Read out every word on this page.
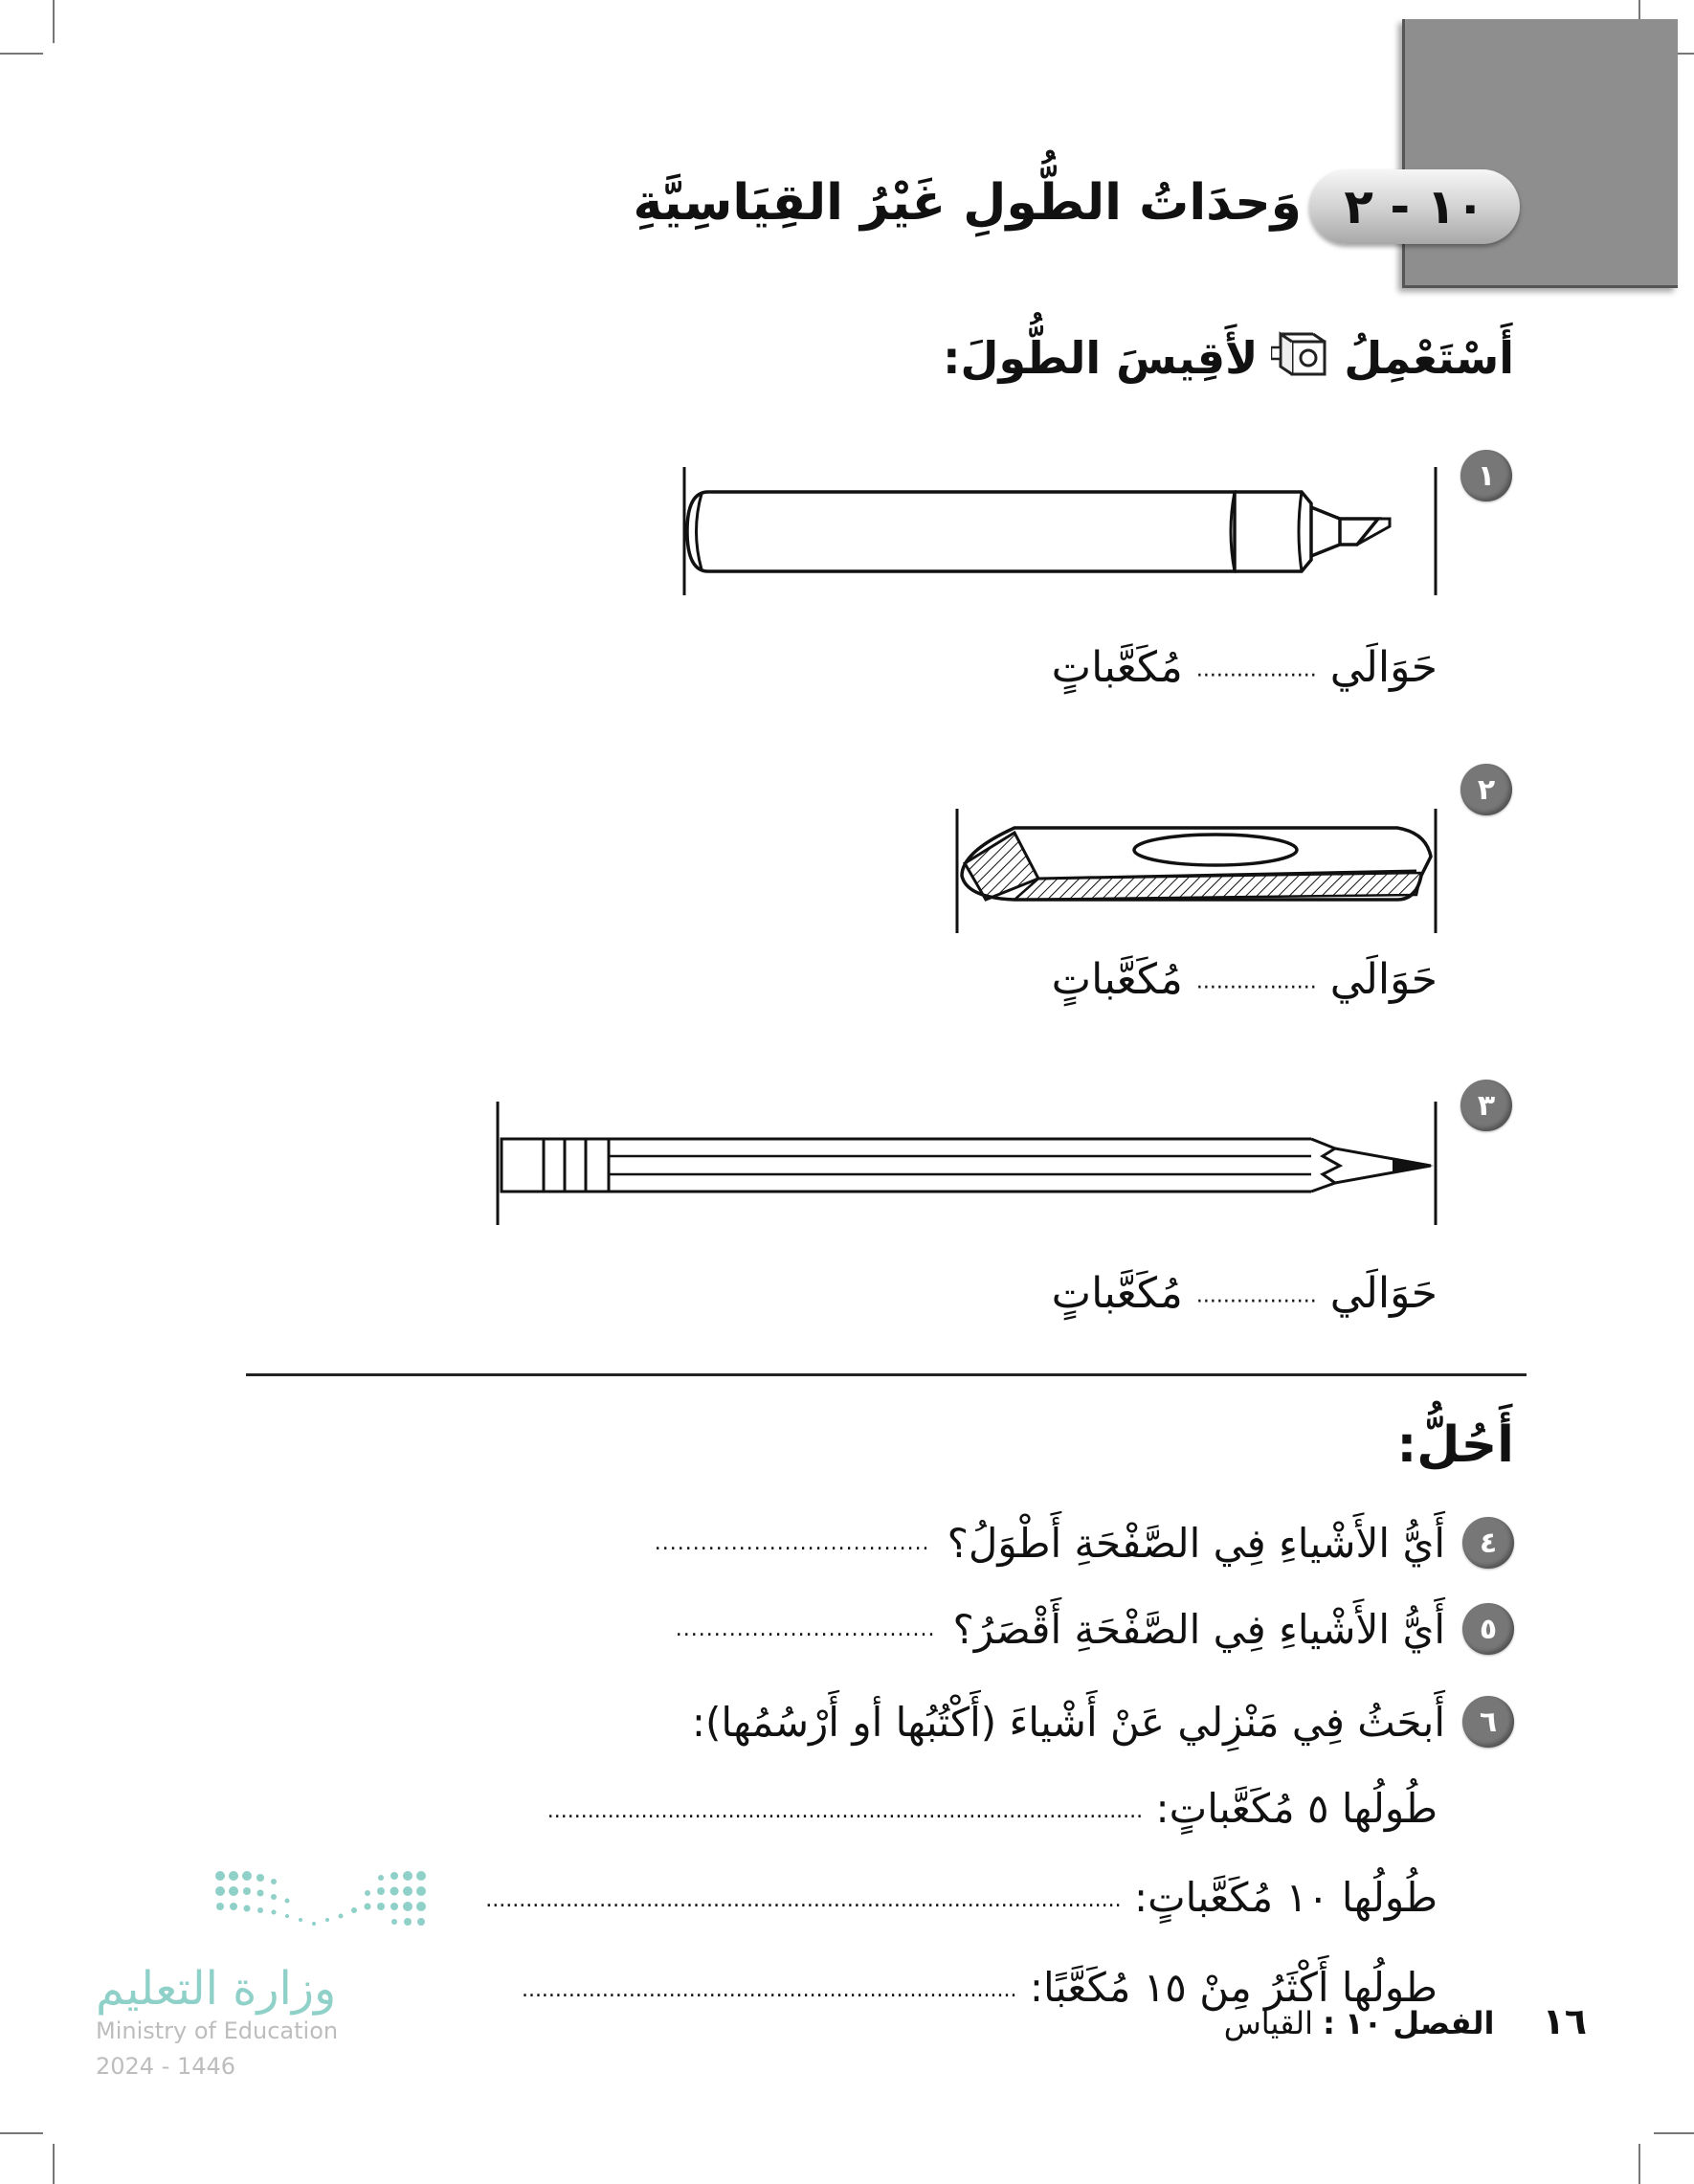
١٠ - ٢
وَحدَاتُ الطُّولِ غَيْرُ القِيَاسِيَّةِ
أَسْتَعْمِلُ
لأَقِيسَ الطُّولَ:
١
حَوَالَي .................. مُكَعَّباتٍ
٢
حَوَالَي .................. مُكَعَّباتٍ
٣
حَوَالَي .................. مُكَعَّباتٍ
أَحُلُّ:
٤
أَيُّ الأَشْياءِ فِي الصَّفْحَةِ أَطْوَلُ؟
....................................
٥
أَيُّ الأَشْياءِ فِي الصَّفْحَةِ أَقْصَرُ؟
..................................
٦
أَبحَثُ فِي مَنْزِلي عَنْ أَشْياءَ (أَكْتُبُها أو أَرْسُمُها):
طُولُها ٥ مُكَعَّباتٍ: .........................................................................................
طُولُها ١٠ مُكَعَّباتٍ: ...............................................................................................
طولُها أَكْثَرُ مِنْ ١٥ مُكَعَّبًا: ..........................................................................
وزارة التعليم
Ministry of Education
2024 - 1446
١٦ الفصل ١٠ : القياس
